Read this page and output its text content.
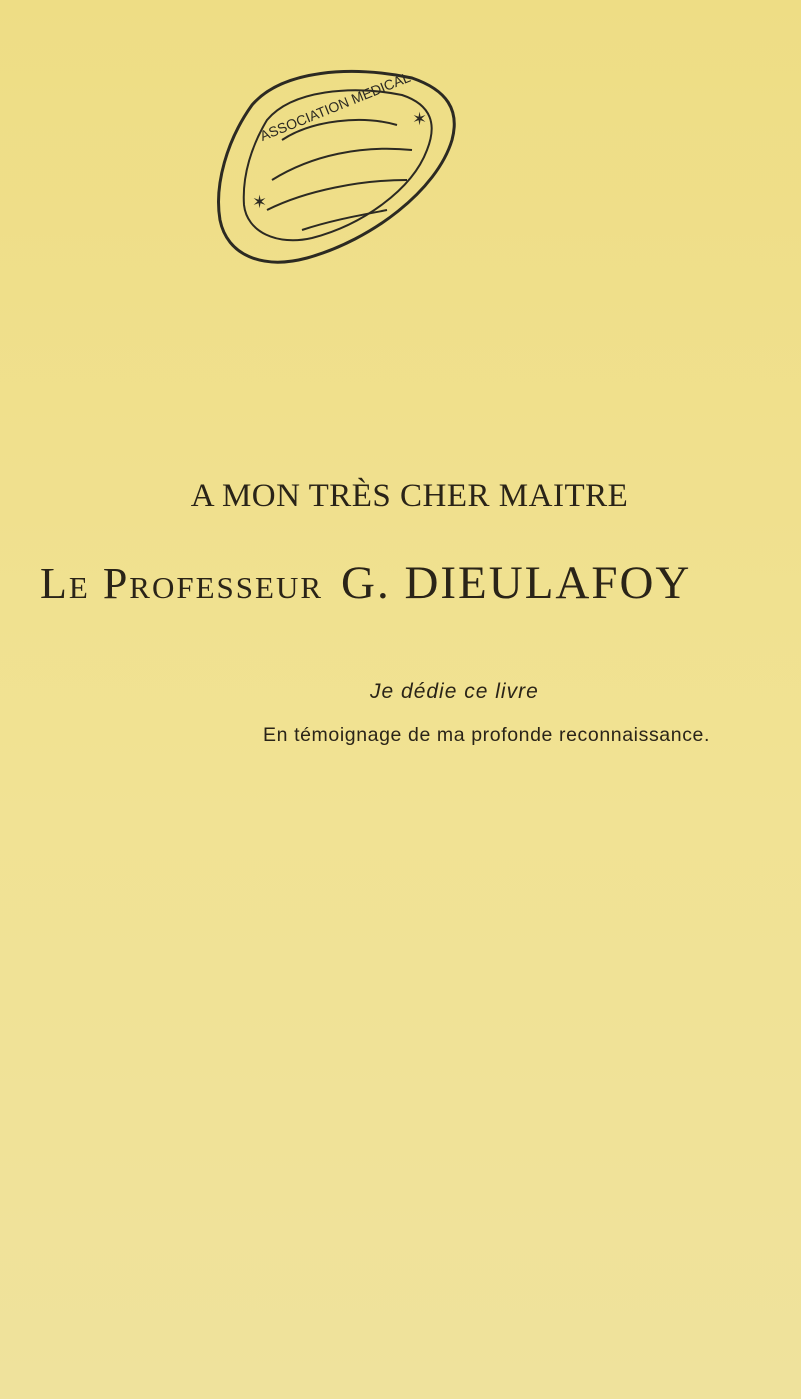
ASSOCIATION MEDICAL
✶
✶
A MON TRÈS CHER MAITRE
Le Professeur G. DIEULAFOY
Je dédie ce livre
En témoignage de ma profonde reconnaissance.
